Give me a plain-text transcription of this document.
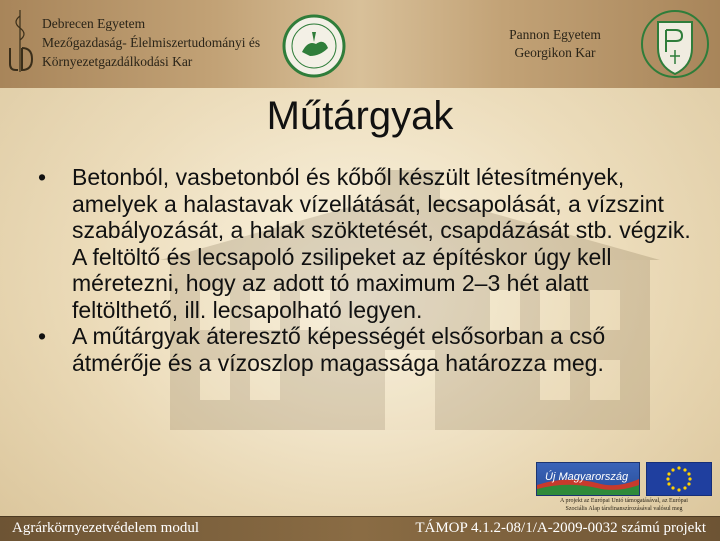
Debrecen Egyetem
Mezőgazdaság- Élelmiszertudományi és
Környezetgazdálkodási Kar
Pannon Egyetem
Georgikon Kar
Műtárgyak
• Betonból, vasbetonból és kőből készült létesítmények, amelyek a halastavak vízellátását, lecsapolását, a vízszint szabályozását, a halak szöktetését, csapdázását stb. végzik. A feltöltő és lecsapoló zsilipeket az építéskor úgy kell méretezni, hogy az adott tó maximum 2–3 hét alatt feltölthető, ill. lecsapolható legyen.
• A műtárgyak áteresztő képességét elsősorban a cső átmérője és a vízoszlop magassága határozza meg.
Új Magyarország
A projekt az Európai Unió támogatásával, az Európai
Szociális Alap társfinanszírozásával valósul meg
Agrárkörnyezetvédelem modul	TÁMOP 4.1.2-08/1/A-2009-0032 számú projekt
